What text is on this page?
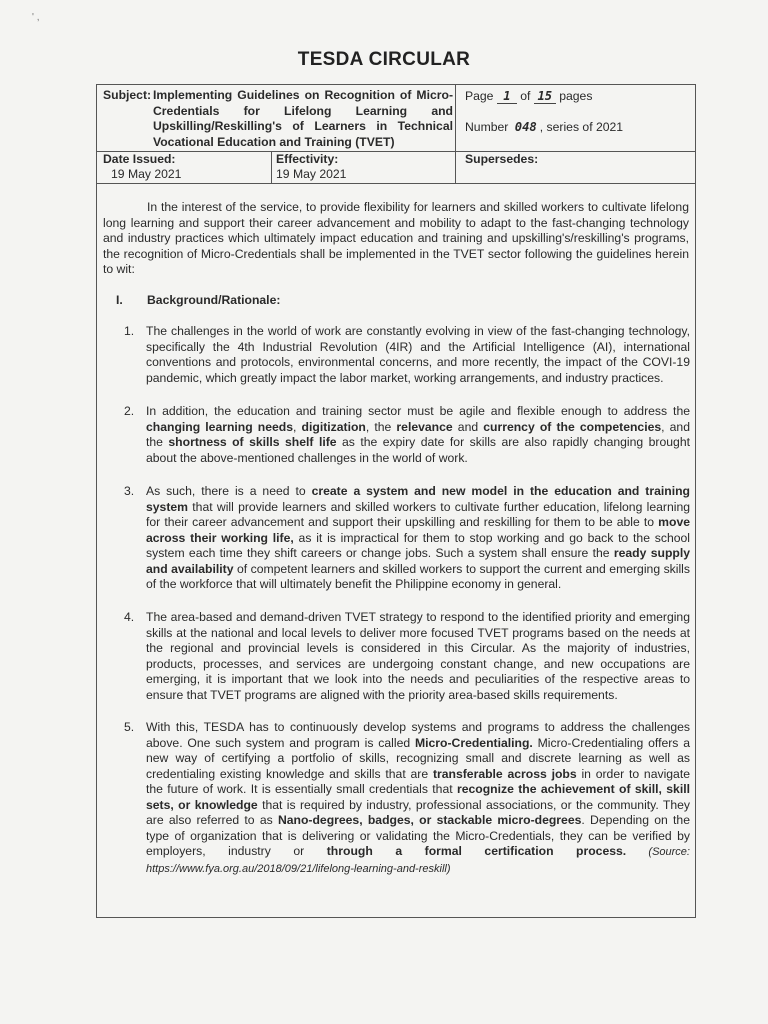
' ,
TESDA CIRCULAR
Subject: Implementing Guidelines on Recognition of Micro-Credentials for Lifelong Learning and Upskilling/Reskilling's of Learners in Technical Vocational Education and Training (TVET)
Page 1 of 15 pages
Number 048 , series of 2021
Date Issued:
19 May 2021
Effectivity:
19 May 2021
Supersedes:

In the interest of the service, to provide flexibility for learners and skilled workers to cultivate lifelong long learning and support their career advancement and mobility to adapt to the fast-changing technology and industry practices which ultimately impact education and training and upskilling's/reskilling's programs, the recognition of Micro-Credentials shall be implemented in the TVET sector following the guidelines herein to wit:

I. Background/Rationale:
1. The challenges in the world of work are constantly evolving in view of the fast-changing technology, specifically the 4th Industrial Revolution (4IR) and the Artificial Intelligence (AI), international conventions and protocols, environmental concerns, and more recently, the impact of the COVI-19 pandemic, which greatly impact the labor market, working arrangements, and industry practices.
2. In addition, the education and training sector must be agile and flexible enough to address the changing learning needs, digitization, the relevance and currency of the competencies, and the shortness of skills shelf life as the expiry date for skills are also rapidly changing brought about the above-mentioned challenges in the world of work.
3. As such, there is a need to create a system and new model in the education and training system that will provide learners and skilled workers to cultivate further education, lifelong learning for their career advancement and support their upskilling and reskilling for them to be able to move across their working life, as it is impractical for them to stop working and go back to the school system each time they shift careers or change jobs. Such a system shall ensure the ready supply and availability of competent learners and skilled workers to support the current and emerging skills of the workforce that will ultimately benefit the Philippine economy in general.
4. The area-based and demand-driven TVET strategy to respond to the identified priority and emerging skills at the national and local levels to deliver more focused TVET programs based on the needs at the regional and provincial levels is considered in this Circular. As the majority of industries, products, processes, and services are undergoing constant change, and new occupations are emerging, it is important that we look into the needs and peculiarities of the respective areas to ensure that TVET programs are aligned with the priority area-based skills requirements.
5. With this, TESDA has to continuously develop systems and programs to address the challenges above. One such system and program is called Micro-Credentialing. Micro-Credentialing offers a new way of certifying a portfolio of skills, recognizing small and discrete learning as well as credentialing existing knowledge and skills that are transferable across jobs in order to navigate the future of work. It is essentially small credentials that recognize the achievement of skill, skill sets, or knowledge that is required by industry, professional associations, or the community. They are also referred to as Nano-degrees, badges, or stackable micro-degrees. Depending on the type of organization that is delivering or validating the Micro-Credentials, they can be verified by employers, industry or through a formal certification process. (Source: https://www.fya.org.au/2018/09/21/lifelong-learning-and-reskill)
